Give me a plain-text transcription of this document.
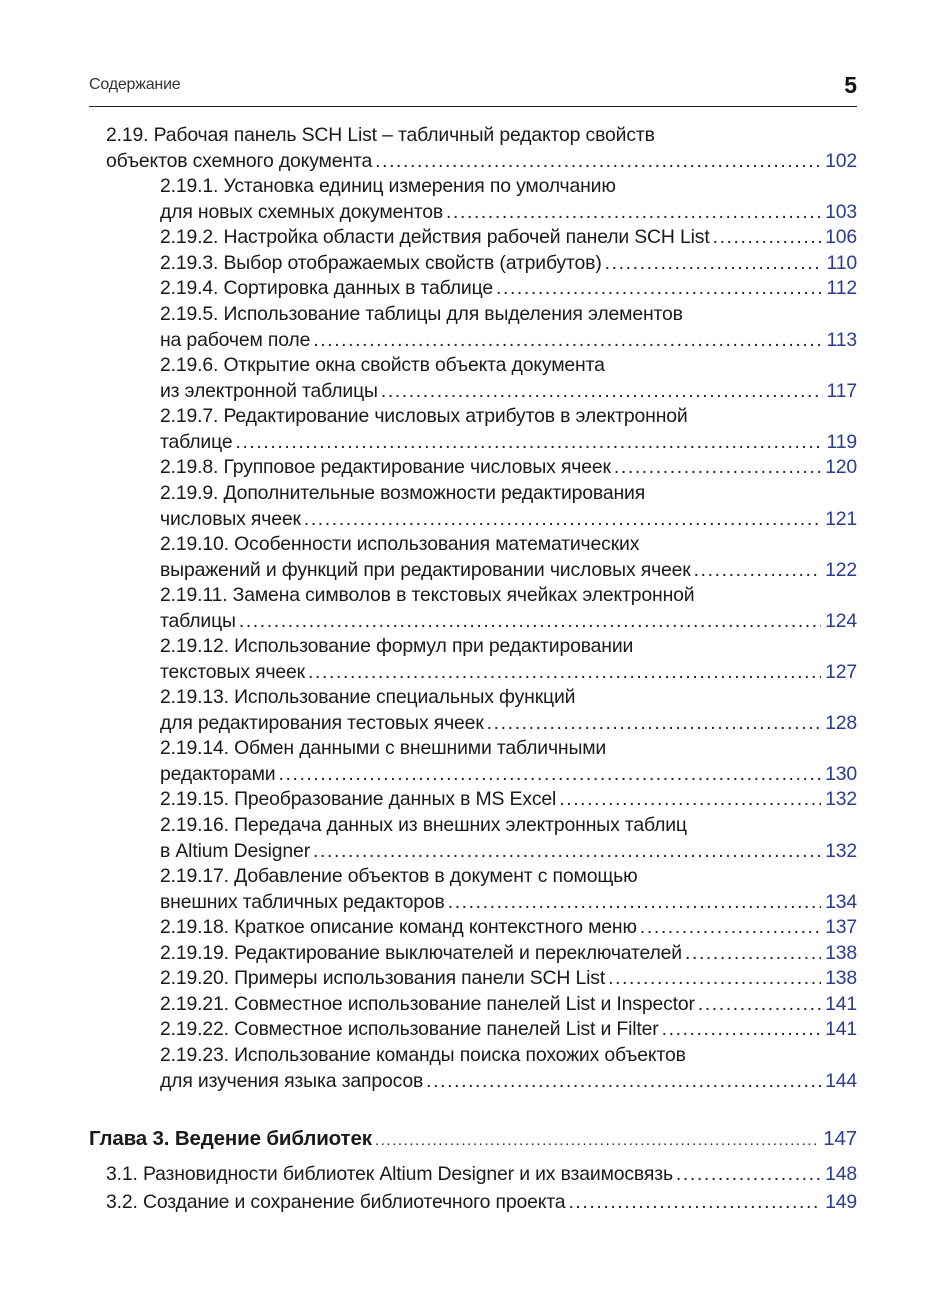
Содержание	5
2.19. Рабочая панель SCH List – табличный редактор свойств
объектов схемного документа .....	102
2.19.1. Установка единиц измерения по умолчанию
для новых схемных документов .....	103
2.19.2. Настройка области действия рабочей панели SCH List .....	106
2.19.3. Выбор отображаемых свойств (атрибутов) .....	110
2.19.4. Сортировка данных в таблице .....	112
2.19.5. Использование таблицы для выделения элементов
на рабочем поле .....	113
2.19.6. Открытие окна свойств объекта документа
из электронной таблицы .....	117
2.19.7. Редактирование числовых атрибутов в электронной
таблице .....	119
2.19.8. Групповое редактирование числовых ячеек .....	120
2.19.9. Дополнительные возможности редактирования
числовых ячеек .....	121
2.19.10. Особенности использования математических
выражений и функций при редактировании числовых ячеек .....	122
2.19.11. Замена символов в текстовых ячейках электронной
таблицы .....	124
2.19.12. Использование формул при редактировании
текстовых ячеек .....	127
2.19.13. Использование специальных функций
для редактирования тестовых ячеек .....	128
2.19.14. Обмен данными с внешними табличными
редакторами .....	130
2.19.15. Преобразование данных в MS Excel .....	132
2.19.16. Передача данных из внешних электронных таблиц
в Altium Designer .....	132
2.19.17. Добавление объектов в документ с помощью
внешних табличных редакторов .....	134
2.19.18. Краткое описание команд контекстного меню .....	137
2.19.19. Редактирование выключателей и переключателей .....	138
2.19.20. Примеры использования панели SCH List .....	138
2.19.21. Совместное использование панелей List и Inspector .....	141
2.19.22. Совместное использование панелей List и Filter .....	141
2.19.23. Использование команды поиска похожих объектов
для изучения языка запросов .....	144
Глава 3. Ведение библиотек .....	147
3.1. Разновидности библиотек Altium Designer и их взаимосвязь .....	148
3.2. Создание и сохранение библиотечного проекта .....	149
